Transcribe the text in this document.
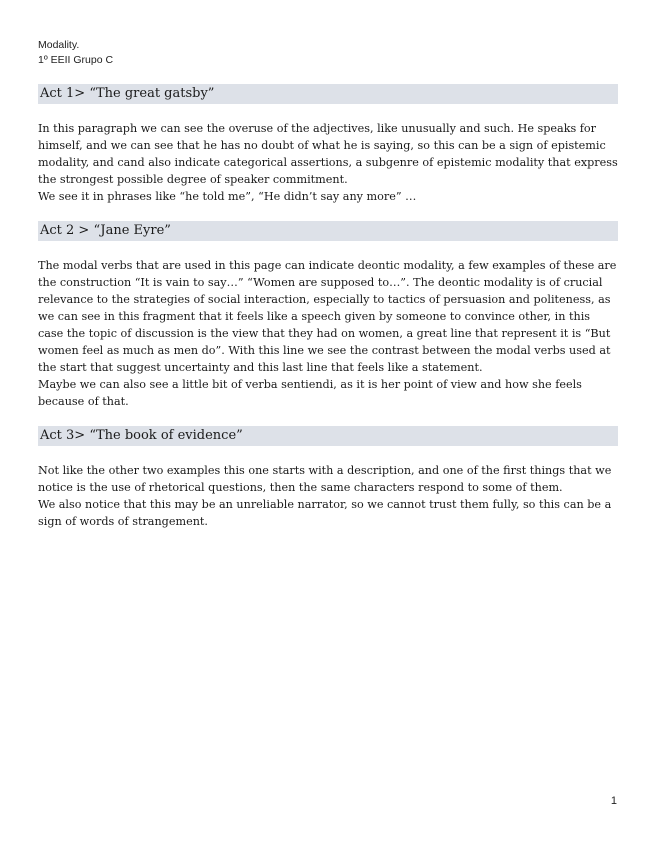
Modality.
1º EEII Grupo C
Act 1> “The great gatsby”

In this paragraph we can see the overuse of the adjectives, like unusually and such. He speaks for himself, and we can see that he has no doubt of what he is saying, so this can be a sign of epistemic modality, and cand also indicate categorical assertions, a subgenre of epistemic modality that express the strongest possible degree of speaker commitment.

We see it in phrases like “he told me”, “He didn’t say any more” …

Act 2 > “Jane Eyre”

The modal verbs that are used in this page can indicate deontic modality, a few examples of these are the construction “It is vain to say…” “Women are supposed to…”. The deontic modality is of crucial relevance to the strategies of social interaction, especially to tactics of persuasion and politeness, as we can see in this fragment that it feels like a speech given by someone to convince other, in this case the topic of discussion is the view that they had on women, a great line that represent it is “But women feel as much as men do”. With this line we see the contrast between the modal verbs used at the start that suggest uncertainty and this last line that feels like a statement.

Maybe we can also see a little bit of verba sentiendi, as it is her point of view and how she feels because of that.

Act 3> “The book of evidence”

Not like the other two examples this one starts with a description, and one of the first things that we notice is the use of rhetorical questions, then the same characters respond to some of them.

We also notice that this may be an unreliable narrator, so we cannot trust them fully, so this can be a sign of words of strangement.

1
